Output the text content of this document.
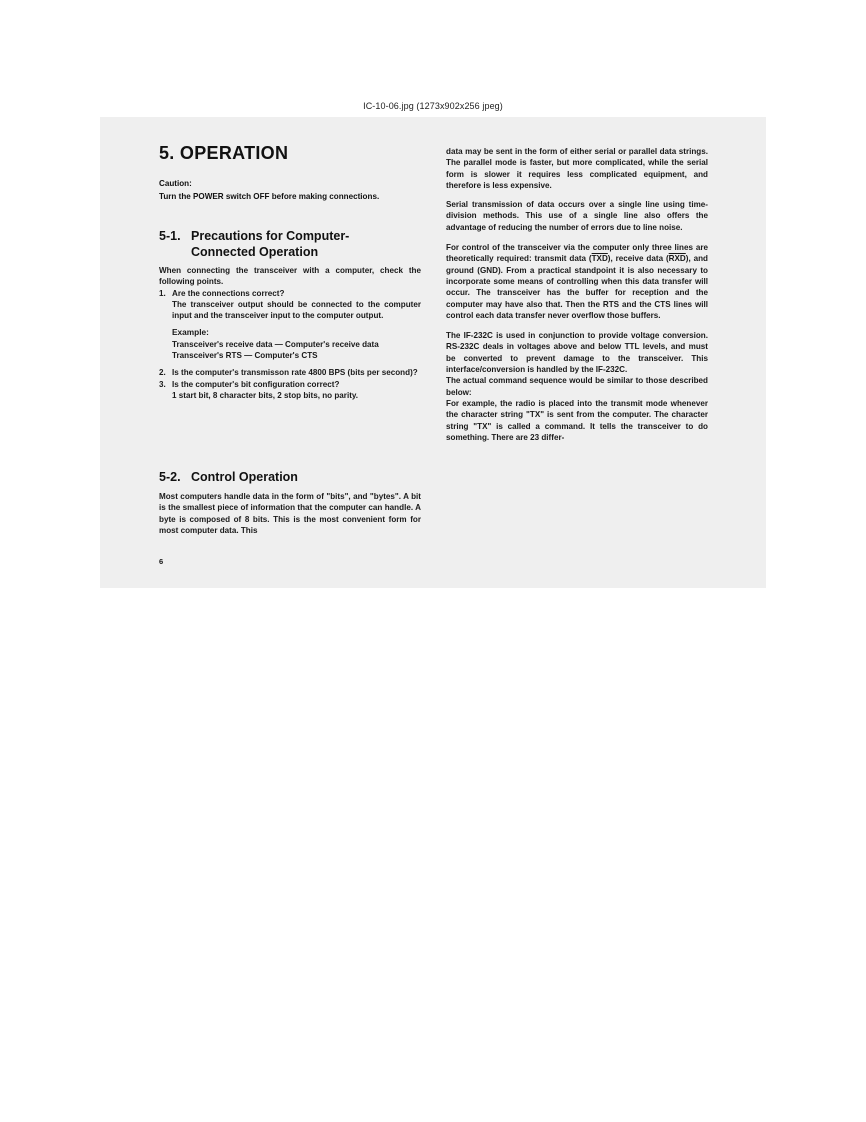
IC-10-06.jpg (1273x902x256 jpeg)
5. OPERATION
Caution:
Turn the POWER switch OFF before making connections.
5-1. Precautions for Computer-
Connected Operation

When connecting the transceiver with a computer, check the following points.

1. Are the connections correct?
The transceiver output should be connected to the computer input and the transceiver input to the computer output.
Example:
Transceiver's receive data — Computer's receive data
Transceiver's RTS — Computer's CTS
2. Is the computer's transmisson rate 4800 BPS (bits per second)?
3. Is the computer's bit configuration correct?
1 start bit, 8 character bits, 2 stop bits, no parity.
5-2. Control Operation
Most computers handle data in the form of "bits", and "bytes". A bit is the smallest piece of information that the computer can handle. A byte is composed of 8 bits. This is the most convenient form for most computer data. This

data may be sent in the form of either serial or parallel data strings. The parallel mode is faster, but more complicated, while the serial form is slower it requires less complicated equipment, and therefore is less expensive.

Serial transmission of data occurs over a single line using time-division methods. This use of a single line also offers the advantage of reducing the number of errors due to line noise.

For control of the transceiver via the computer only three lines are theoretically required: transmit data $(\overline{TXD})$, receive data $(\overline{RXD})$, and ground (GND). From a practical standpoint it is also necessary to incorporate some means of controlling when this data transfer will occur. The transceiver has the buffer for reception and the computer may have also that. Then the RTS and the CTS lines will control each data transfer never overflow those buffers.

The IF-232C is used in conjunction to provide voltage conversion. RS-232C deals in voltages above and below TTL levels, and must be converted to prevent damage to the transceiver. This interface/conversion is handled by the IF-232C.

The actual command sequence would be similar to those described below:

For example, the radio is placed into the transmit mode whenever the character string "TX" is sent from the computer. The character string "TX" is called a command. It tells the transceiver to do something. There are 23 differ-

6
